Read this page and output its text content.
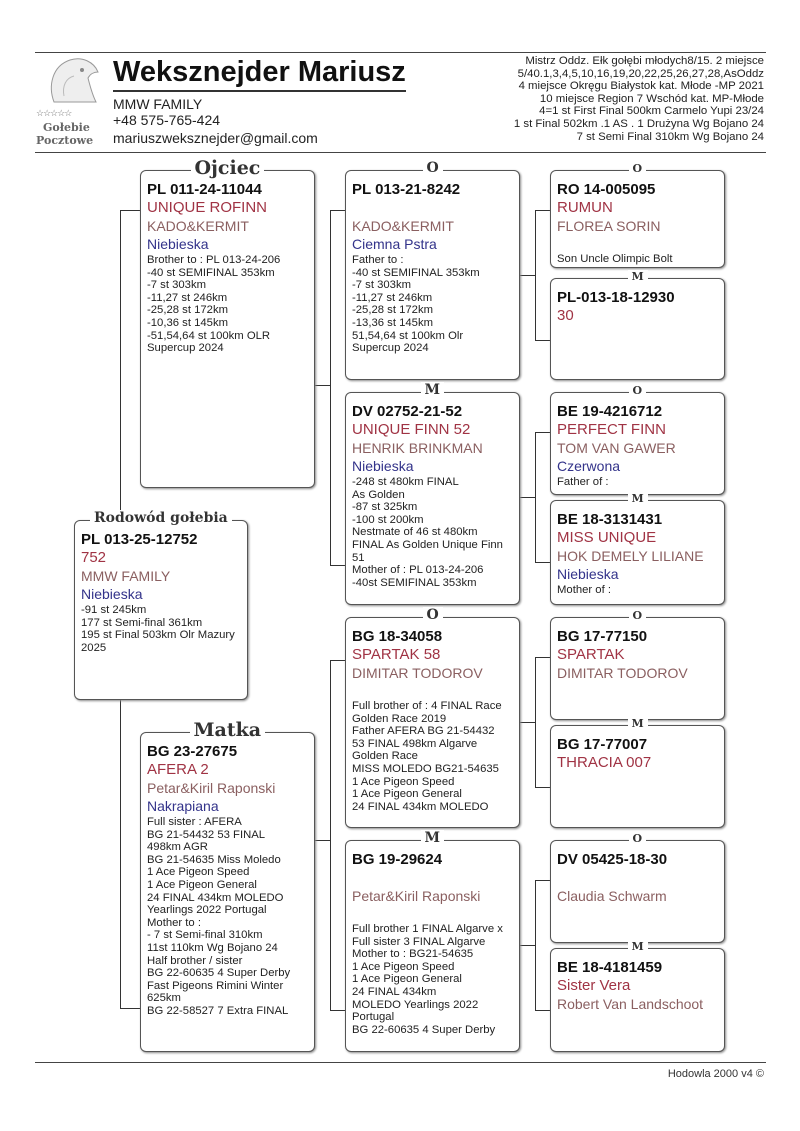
☆☆☆☆☆
Gołebie
Pocztowe
Weksznejder Mariusz
MMW FAMILY
+48 575-765-424
mariuszweksznejder@gmail.com
Mistrz Oddz. Ełk gołębi młodych8/15. 2 miejsce
5/40.1,3,4,5,10,16,19,20,22,25,26,27,28,AsOddz
4 miejsce Okręgu Białystok kat. Młode -MP 2021
10 miejsce Region 7 Wschód kat. MP-Młode
4=1 st First Final 500km Carmelo Yupi 23/24
1 st Final 502km .1 AS . 1 Drużyna Wg Bojano 24
7 st Semi Final 310km Wg Bojano 24
PL 013-25-12752
752
MMW FAMILY
Niebieska
-91 st 245km
177 st Semi-final 361km
195 st Final 503km Olr Mazury
2025
PL 011-24-11044
UNIQUE ROFINN
KADO&KERMIT
Niebieska
Brother to : PL 013-24-206
-40 st SEMIFINAL 353km
-7 st 303km
-11,27 st 246km
-25,28 st 172km
-10,36 st 145km
-51,54,64 st 100km OLR
Supercup 2024
BG 23-27675
AFERA 2
Petar&Kiril Raponski
Nakrapiana
Full sister : AFERA
BG 21-54432 53 FINAL
498km AGR
BG 21-54635 Miss Moledo
1 Ace Pigeon Speed
1 Ace Pigeon General
24 FINAL 434km MOLEDO
Yearlings 2022 Portugal
Mother to :
- 7 st Semi-final 310km
11st 110km Wg Bojano 24
Half brother / sister
BG 22-60635 4 Super Derby
Fast Pigeons Rimini Winter
625km
BG 22-58527 7 Extra FINAL
PL 013-21-8242
KADO&KERMIT
Ciemna Pstra
Father to :
-40 st SEMIFINAL 353km
-7 st 303km
-11,27 st 246km
-25,28 st 172km
-13,36 st 145km
51,54,64 st 100km Olr
Supercup 2024
DV 02752-21-52
UNIQUE FINN 52
HENRIK BRINKMAN
Niebieska
-248 st 480km FINAL
As Golden
-87 st 325km
-100 st 200km
Nestmate of 46 st 480km
FINAL As Golden Unique Finn
51
Mother of : PL 013-24-206
-40st SEMIFINAL 353km
BG 18-34058
SPARTAK 58
DIMITAR TODOROV
Full brother of : 4 FINAL Race
Golden Race 2019
Father AFERA BG 21-54432
53 FINAL 498km Algarve
Golden Race
MISS MOLEDO BG21-54635
1 Ace Pigeon Speed
1 Ace Pigeon General
24 FINAL 434km MOLEDO
BG 19-29624
Petar&Kiril Raponski
Full brother 1 FINAL Algarve x
Full sister 3 FINAL Algarve
Mother to : BG21-54635
1 Ace Pigeon Speed
1 Ace Pigeon General
24 FINAL 434km
MOLEDO Yearlings 2022
Portugal
BG 22-60635 4 Super Derby
RO 14-005095
RUMUN
FLOREA SORIN
Son Uncle Olimpic Bolt
PL-013-18-12930
30
BE 19-4216712
PERFECT FINN
TOM VAN GAWER
Czerwona
Father of :
BE 18-3131431
MISS UNIQUE
HOK DEMELY LILIANE
Niebieska
Mother of :
BG 17-77150
SPARTAK
DIMITAR TODOROV
BG 17-77007
THRACIA 007
DV 05425-18-30
Claudia Schwarm
BE 18-4181459
Sister Vera
Robert Van Landschoot
Hodowla 2000 v4 ©
Rodowód gołebia
Ojciec
Matka
O
M
O
M
O
M
O
M
O
M
O
M
